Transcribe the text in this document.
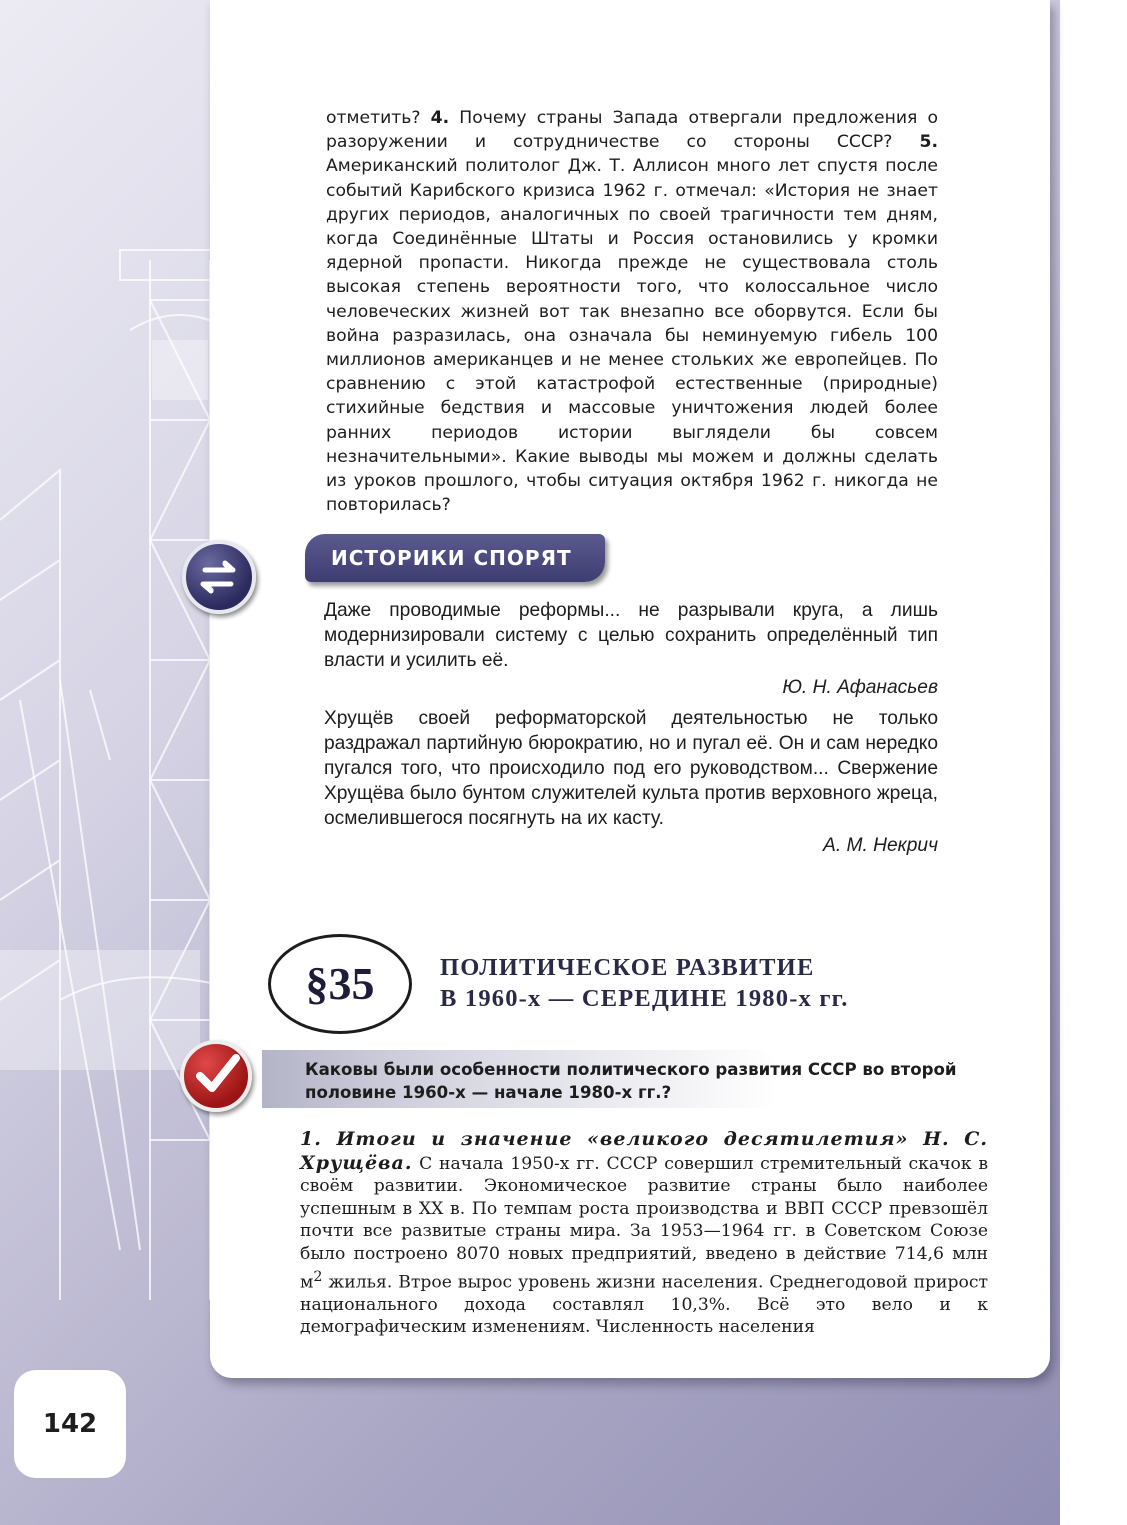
отметить? 4. Почему страны Запада отвергали предложения о разоружении и сотрудничестве со стороны СССР? 5. Американский политолог Дж. Т. Аллисон много лет спустя после событий Карибского кризиса 1962 г. отмечал: «История не знает других периодов, аналогичных по своей трагичности тем дням, когда Соединённые Штаты и Россия остановились у кромки ядерной пропасти. Никогда прежде не существовала столь высокая степень вероятности того, что колоссальное число человеческих жизней вот так внезапно все оборвутся. Если бы война разразилась, она означала бы неминуемую гибель 100 миллионов американцев и не менее стольких же европейцев. По сравнению с этой катастрофой естественные (природные) стихийные бедствия и массовые уничтожения людей более ранних периодов истории выглядели бы совсем незначительными». Какие выводы мы можем и должны сделать из уроков прошлого, чтобы ситуация октября 1962 г. никогда не повторилась?

ИСТОРИКИ СПОРЯТ

Даже проводимые реформы... не разрывали круга, а лишь модернизировали систему с целью сохранить определённый тип власти и усилить её.

Ю. Н. Афанасьев

Хрущёв своей реформаторской деятельностью не только раздражал партийную бюрократию, но и пугал её. Он и сам нередко пугался того, что происходило под его руководством... Свержение Хрущёва было бунтом служителей культа против верховного жреца, осмелившегося посягнуть на их касту.

А. М. Некрич

§35	ПОЛИТИЧЕСКОЕ РАЗВИТИЕ
В 1960-х — СЕРЕДИНЕ 1980-х гг.
Каковы были особенности политического развития СССР во второй половине 1960-х — начале 1980-х гг.?
1. Итоги и значение «великого десятилетия» Н. С. Хрущёва. С начала 1950-х гг. СССР совершил стремительный скачок в своём развитии. Экономическое развитие страны было наиболее успешным в XX в. По темпам роста производства и ВВП СССР превзошёл почти все развитые страны мира. За 1953—1964 гг. в Советском Союзе было построено 8070 новых предприятий, введено в действие 714,6 млн $м^2$ жилья. Втрое вырос уровень жизни населения. Среднегодовой прирост национального дохода составлял 10,3%. Всё это вело и к демографическим изменениям. Численность населения
142
